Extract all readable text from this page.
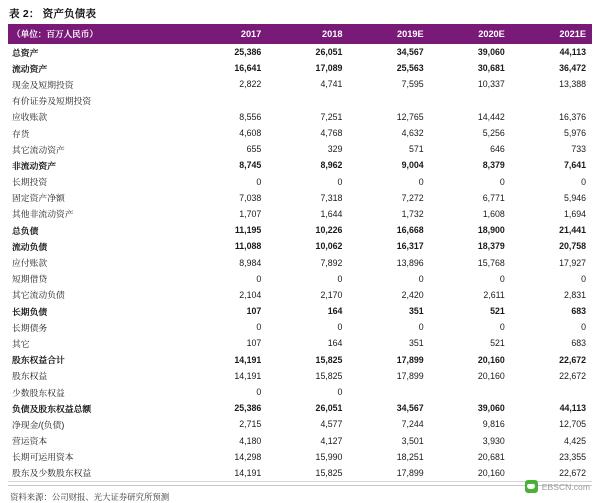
表 2： 资产负债表
（单位：百万人民币）	2017	2018	2019E	2020E	2021E
总资产	25,386	26,051	34,567	39,060	44,113
流动资产	16,641	17,089	25,563	30,681	36,472
现金及短期投资	2,822	4,741	7,595	10,337	13,388
有价证券及短期投资					
应收账款	8,556	7,251	12,765	14,442	16,376
存货	4,608	4,768	4,632	5,256	5,976
其它流动资产	655	329	571	646	733
非流动资产	8,745	8,962	9,004	8,379	7,641
长期投资	0	0	0	0	0
固定资产净额	7,038	7,318	7,272	6,771	5,946
其他非流动资产	1,707	1,644	1,732	1,608	1,694
总负债	11,195	10,226	16,668	18,900	21,441
流动负债	11,088	10,062	16,317	18,379	20,758
应付账款	8,984	7,892	13,896	15,768	17,927
短期借贷	0	0	0	0	0
其它流动负债	2,104	2,170	2,420	2,611	2,831
长期负债	107	164	351	521	683
长期债务	0	0	0	0	0
其它	107	164	351	521	683
股东权益合计	14,191	15,825	17,899	20,160	22,672
股东权益	14,191	15,825	17,899	20,160	22,672
少数股东权益	0	0			
负债及股东权益总额	25,386	26,051	34,567	39,060	44,113
净现金/(负债)	2,715	4,577	7,244	9,816	12,705
营运资本	4,180	4,127	3,501	3,930	4,425
长期可运用资本	14,298	15,990	18,251	20,681	23,355
股东及少数股东权益	14,191	15,825	17,899	20,160	22,672
资料来源：公司财报、光大证券研究所预测
EBSCN.com
